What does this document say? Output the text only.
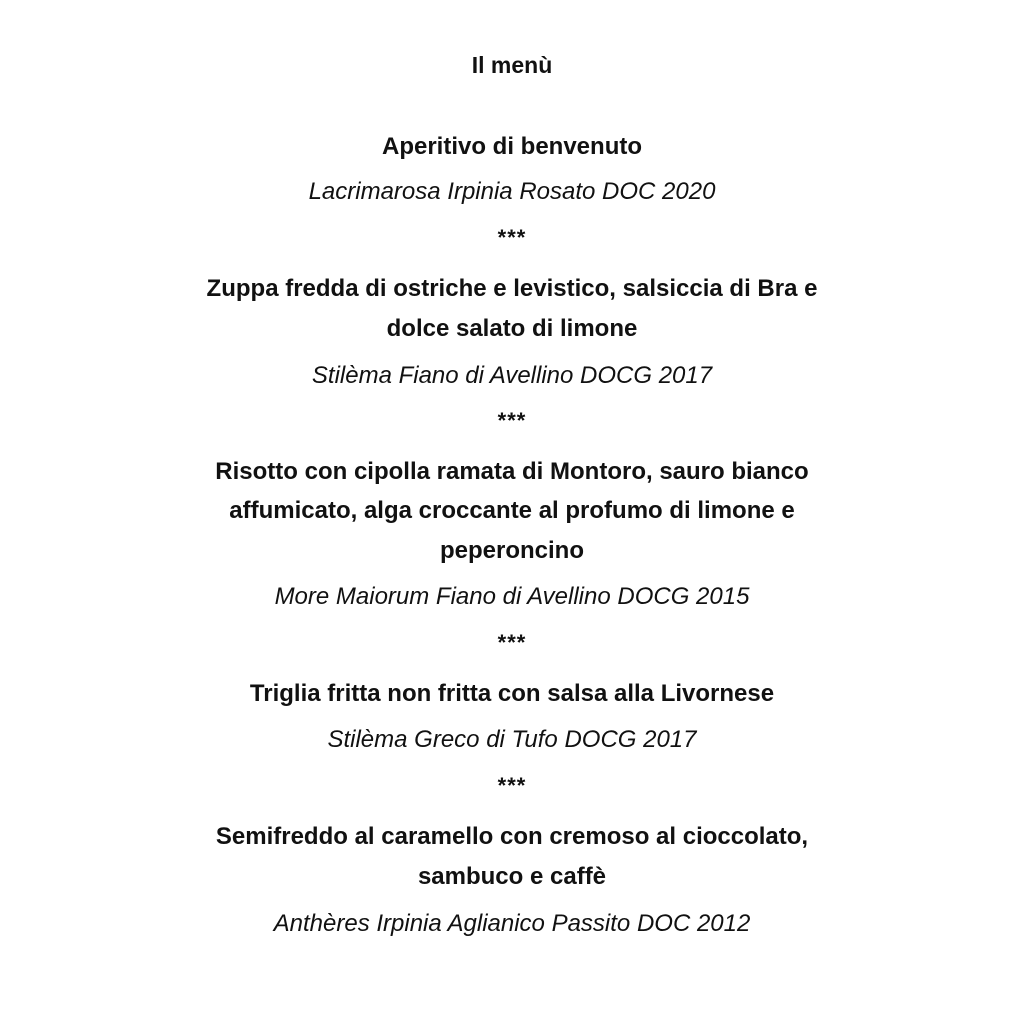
Il menù
Aperitivo di benvenuto
Lacrimarosa Irpinia Rosato DOC 2020
***
Zuppa fredda di ostriche e levistico, salsiccia di Bra e
dolce salato di limone
Stilèma Fiano di Avellino DOCG 2017
***
Risotto con cipolla ramata di Montoro, sauro bianco
affumicato, alga croccante al profumo di limone e
peperoncino
More Maiorum Fiano di Avellino DOCG 2015
***
Triglia fritta non fritta con salsa alla Livornese
Stilèma Greco di Tufo DOCG 2017
***
Semifreddo al caramello con cremoso al cioccolato,
sambuco e caffè
Anthères Irpinia Aglianico Passito DOC 2012
